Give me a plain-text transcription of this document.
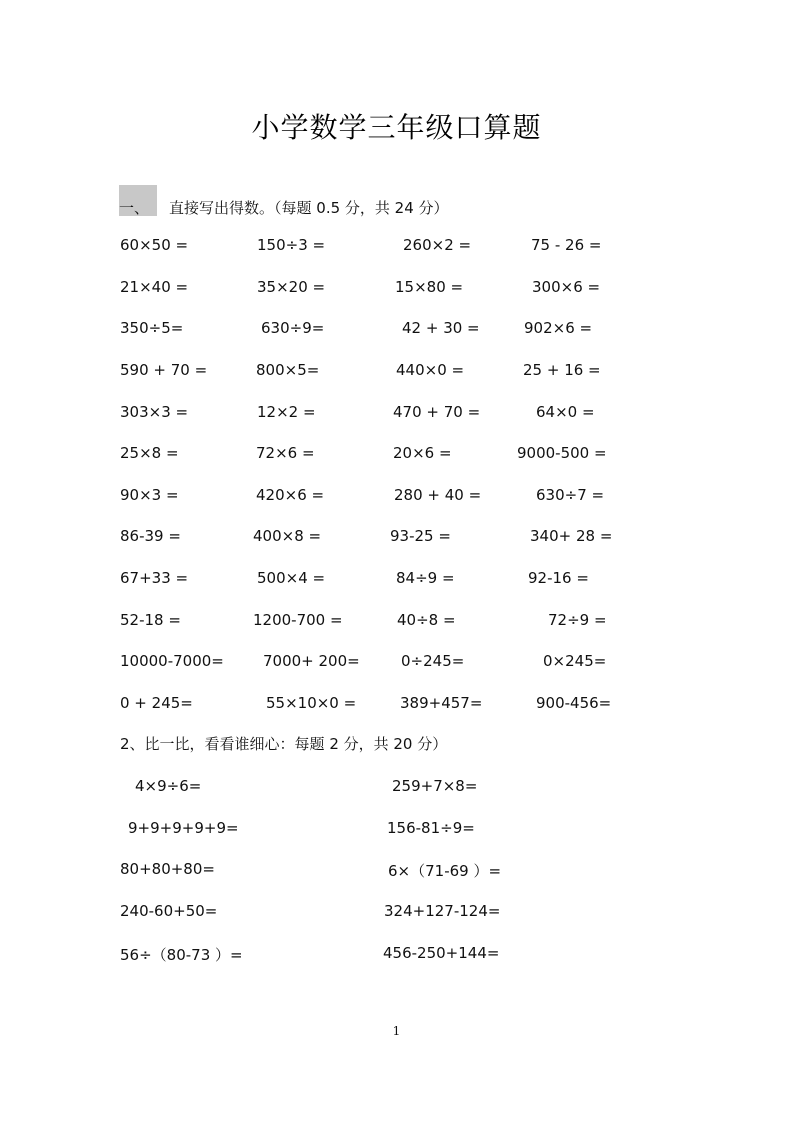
小学数学三年级口算题
一、 直接写出得数。（每题 0.5 分，共 24 分）
60×50 =	150÷3 =	260×2 =	75 - 26 =
21×40 =	35×20 =	15×80 =	300×6 =
350÷5=	630÷9=	42 + 30 =	902×6 =
590 + 70 =	800×5=	440×0 =	25 + 16 =
303×3 =	12×2 =	470 + 70 =	64×0 =
25×8 =	72×6 =	20×6 =	9000-500 =
90×3 =	420×6 =	280 + 40 =	630÷7 =
86-39 =	400×8 =	93-25 =	340+ 28 =
67+33 =	500×4 =	84÷9 =	92-16 =
52-18 =	1200-700 =	40÷8 =	72÷9 =
10000-7000=	7000+ 200=	0÷245=	0×245=
0 + 245=	55×10×0 =	389+457=	900-456=
2、比一比，看看谁细心：每题 2 分，共 20 分）
4×9÷6=	259+7×8=
9+9+9+9+9=	156-81÷9=
80+80+80=	6×（71-69 ）=
240-60+50=	324+127-124=
56÷（80-73 ）=	456-250+144=
1
